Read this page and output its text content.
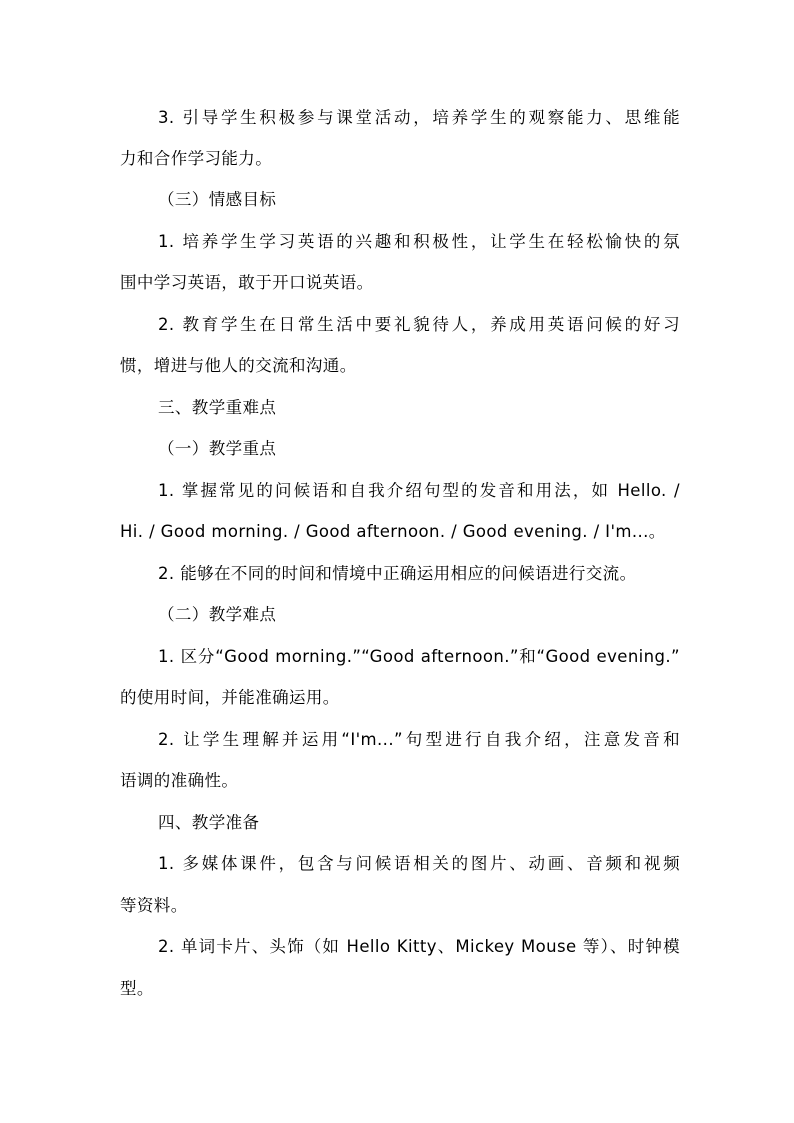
3. 引导学生积极参与课堂活动，培养学生的观察能力、思维能
力和合作学习能力。
（三）情感目标
1. 培养学生学习英语的兴趣和积极性，让学生在轻松愉快的氛
围中学习英语，敢于开口说英语。
2. 教育学生在日常生活中要礼貌待人，养成用英语问候的好习
惯，增进与他人的交流和沟通。
三、教学重难点
（一）教学重点
1. 掌握常见的问候语和自我介绍句型的发音和用法，如 Hello. /
Hi. / Good morning. / Good afternoon. / Good evening. / I'm...。
2. 能够在不同的时间和情境中正确运用相应的问候语进行交流。
（二）教学难点
1. 区分“Good morning.”“Good afternoon.”和“Good evening.”
的使用时间，并能准确运用。
2. 让学生理解并运用“I'm...”句型进行自我介绍，注意发音和
语调的准确性。
四、教学准备
1. 多媒体课件，包含与问候语相关的图片、动画、音频和视频
等资料。
2. 单词卡片、头饰（如 Hello Kitty、Mickey Mouse 等）、时钟模
型。
